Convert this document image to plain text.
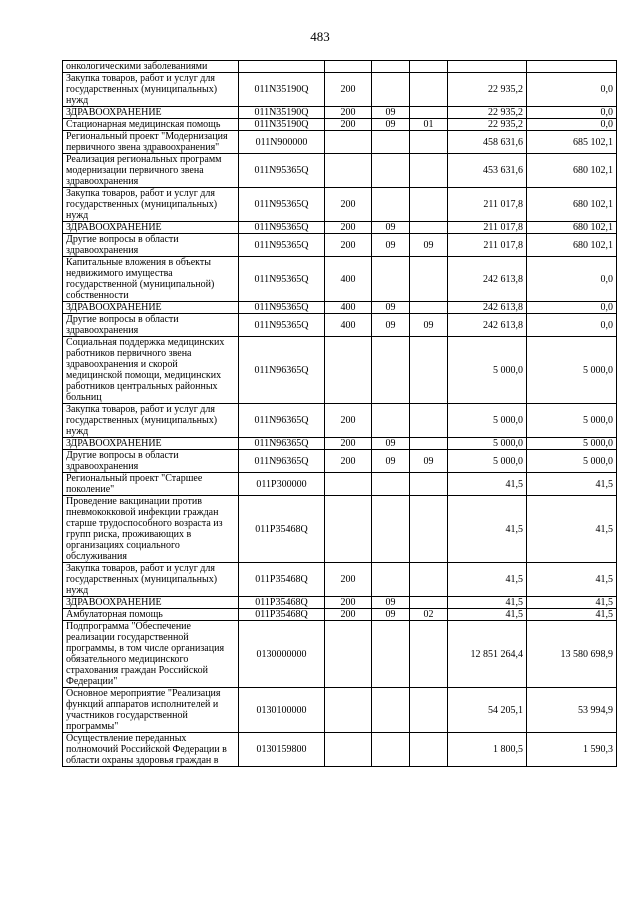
483
онкологическими заболеваниями						
Закупка товаров, работ и услуг для государственных (муниципальных) нужд	011N35190Q	200			22 935,2	0,0
ЗДРАВООХРАНЕНИЕ	011N35190Q	200	09		22 935,2	0,0
Стационарная медицинская помощь	011N35190Q	200	09	01	22 935,2	0,0
Региональный проект "Модернизация первичного звена здравоохранения"	011N900000				458 631,6	685 102,1
Реализация региональных программ модернизации первичного звена здравоохранения	011N95365Q				453 631,6	680 102,1
Закупка товаров, работ и услуг для государственных (муниципальных) нужд	011N95365Q	200			211 017,8	680 102,1
ЗДРАВООХРАНЕНИЕ	011N95365Q	200	09		211 017,8	680 102,1
Другие вопросы в области здравоохранения	011N95365Q	200	09	09	211 017,8	680 102,1
Капитальные вложения в объекты недвижимого имущества государственной (муниципальной) собственности	011N95365Q	400			242 613,8	0,0
ЗДРАВООХРАНЕНИЕ	011N95365Q	400	09		242 613,8	0,0
Другие вопросы в области здравоохранения	011N95365Q	400	09	09	242 613,8	0,0
Социальная поддержка медицинских работников первичного звена здравоохранения и скорой медицинской помощи, медицинских работников центральных районных больниц	011N96365Q				5 000,0	5 000,0
Закупка товаров, работ и услуг для государственных (муниципальных) нужд	011N96365Q	200			5 000,0	5 000,0
ЗДРАВООХРАНЕНИЕ	011N96365Q	200	09		5 000,0	5 000,0
Другие вопросы в области здравоохранения	011N96365Q	200	09	09	5 000,0	5 000,0
Региональный проект "Старшее поколение"	011P300000				41,5	41,5
Проведение вакцинации против пневмококковой инфекции граждан старше трудоспособного возраста из групп риска, проживающих в организациях социального обслуживания	011P35468Q				41,5	41,5
Закупка товаров, работ и услуг для государственных (муниципальных) нужд	011P35468Q	200			41,5	41,5
ЗДРАВООХРАНЕНИЕ	011P35468Q	200	09		41,5	41,5
Амбулаторная помощь	011P35468Q	200	09	02	41,5	41,5
Подпрограмма "Обеспечение реализации государственной программы, в том числе организация обязательного медицинского страхования граждан Российской Федерации"	0130000000				12 851 264,4	13 580 698,9
Основное мероприятие "Реализация функций аппаратов исполнителей и участников государственной программы"	0130100000				54 205,1	53 994,9
Осуществление переданных полномочий Российской Федерации в области охраны здоровья граждан в	0130159800				1 800,5	1 590,3
